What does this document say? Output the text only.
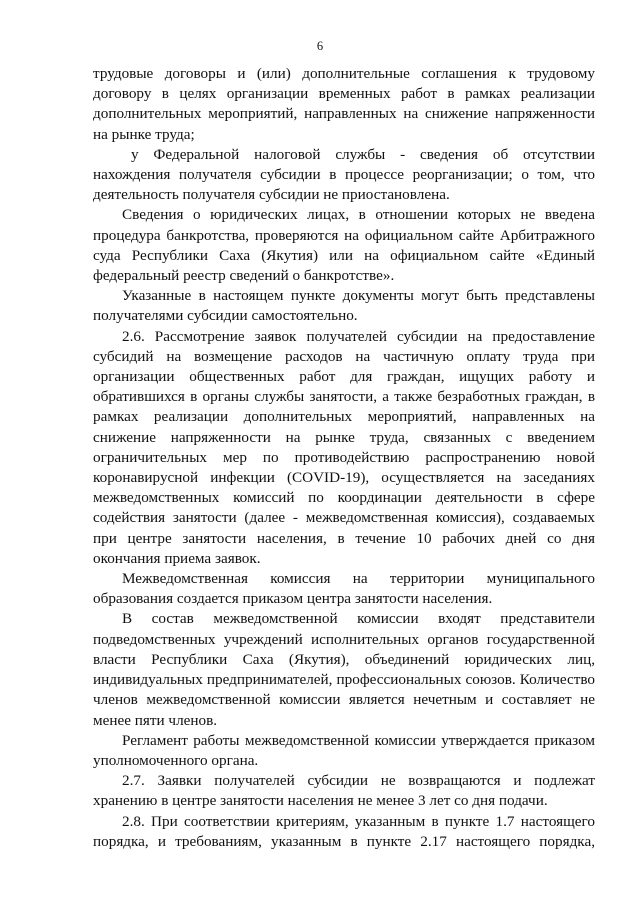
6

трудовые договоры и (или) дополнительные соглашения к трудовому договору в целях организации временных работ в рамках реализации дополнительных мероприятий, направленных на снижение напряженности на рынке труда;

у Федеральной налоговой службы - сведения об отсутствии нахождения получателя субсидии в процессе реорганизации; о том, что деятельность получателя субсидии не приостановлена.

Сведения о юридических лицах, в отношении которых не введена процедура банкротства, проверяются на официальном сайте Арбитражного суда Республики Саха (Якутия) или на официальном сайте «Единый федеральный реестр сведений о банкротстве».

Указанные в настоящем пункте документы могут быть представлены получателями субсидии самостоятельно.

2.6. Рассмотрение заявок получателей субсидии на предоставление субсидий на возмещение расходов на частичную оплату труда при организации общественных работ для граждан, ищущих работу и обратившихся в органы службы занятости, а также безработных граждан, в рамках реализации дополнительных мероприятий, направленных на снижение напряженности на рынке труда, связанных с введением ограничительных мер по противодействию распространению новой коронавирусной инфекции (COVID-19), осуществляется на заседаниях межведомственных комиссий по координации деятельности в сфере содействия занятости (далее - межведомственная комиссия), создаваемых при центре занятости населения, в течение 10 рабочих дней со дня окончания приема заявок.

Межведомственная комиссия на территории муниципального образования создается приказом центра занятости населения.

В состав межведомственной комиссии входят представители подведомственных учреждений исполнительных органов государственной власти Республики Саха (Якутия), объединений юридических лиц, индивидуальных предпринимателей, профессиональных союзов. Количество членов межведомственной комиссии является нечетным и составляет не менее пяти членов.

Регламент работы межведомственной комиссии утверждается приказом уполномоченного органа.

2.7. Заявки получателей субсидии не возвращаются и подлежат хранению в центре занятости населения не менее 3 лет со дня подачи.

2.8. При соответствии критериям, указанным в пункте 1.7 настоящего порядка, и требованиям, указанным в пункте 2.17 настоящего порядка,
